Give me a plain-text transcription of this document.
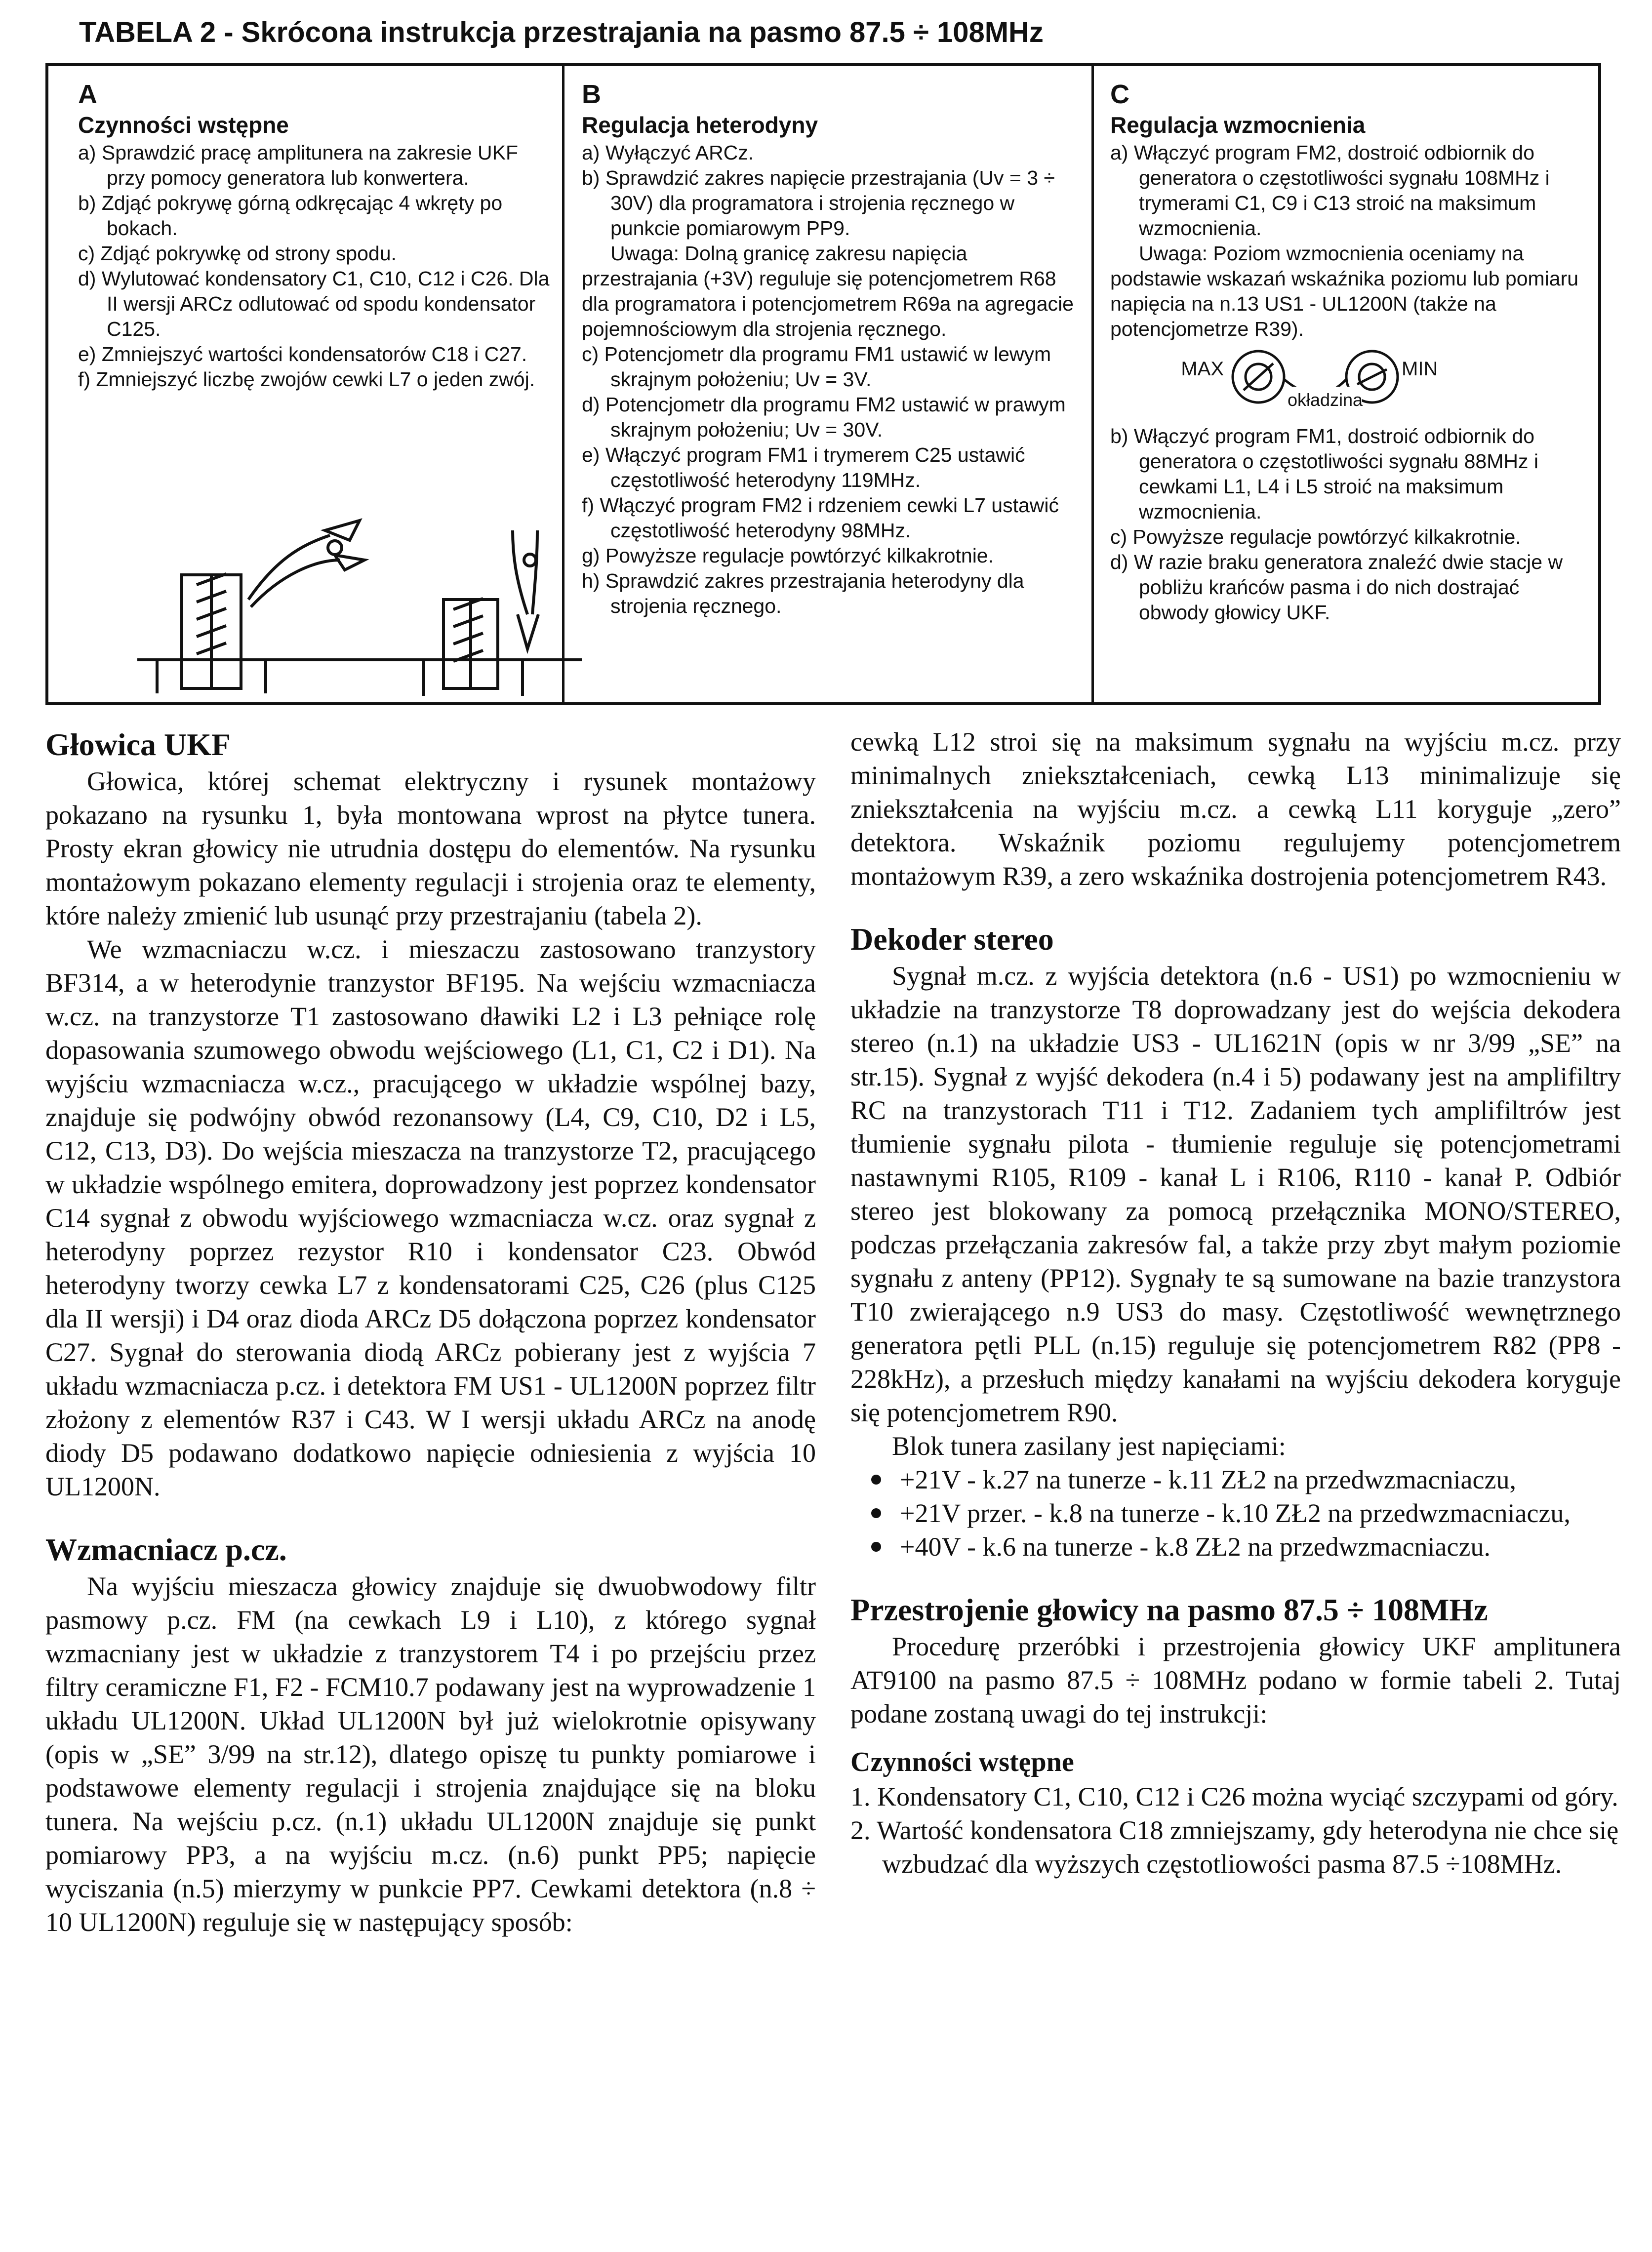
TABELA 2 - Skrócona instrukcja przestrajania na pasmo 87.5 ÷ 108MHz
A
Czynności wstępne
a) Sprawdzić pracę amplitunera na zakresie UKF przy pomocy generatora lub konwertera.
b) Zdjąć pokrywę górną odkręcając 4 wkręty po bokach.
c) Zdjąć pokrywkę od strony spodu.
d) Wylutować kondensatory C1, C10, C12 i C26. Dla II wersji ARCz odlutować od spodu kondensator C125.
e) Zmniejszyć wartości kondensatorów C18 i C27.
f) Zmniejszyć liczbę zwojów cewki L7 o jeden zwój.
B
Regulacja heterodyny
a) Wyłączyć ARCz.
b) Sprawdzić zakres napięcie przestrajania (Uv = 3 ÷ 30V) dla programatora i strojenia ręcznego w punkcie pomiarowym PP9.
Uwaga: Dolną granicę zakresu napięcia przestrajania (+3V) reguluje się potencjometrem R68 dla programatora i potencjometrem R69a na agregacie pojemnościowym dla strojenia ręcznego.
c) Potencjometr dla programu FM1 ustawić w lewym skrajnym położeniu; Uv = 3V.
d) Potencjometr dla programu FM2 ustawić w prawym skrajnym położeniu; Uv = 30V.
e) Włączyć program FM1 i trymerem C25 ustawić częstotliwość heterodyny 119MHz.
f) Włączyć program FM2 i rdzeniem cewki L7 ustawić częstotliwość heterodyny 98MHz.
g) Powyższe regulacje powtórzyć kilkakrotnie.
h) Sprawdzić zakres przestrajania heterodyny dla strojenia ręcznego.
C
Regulacja wzmocnienia
a) Włączyć program FM2, dostroić odbiornik do generatora o częstotliwości sygnału 108MHz i trymerami C1, C9 i C13 stroić na maksimum wzmocnienia.
Uwaga: Poziom wzmocnienia oceniamy na podstawie wskazań wskaźnika poziomu lub pomiaru napięcia na n.13 US1 - UL1200N (także na potencjometrze R39).
MAX	MIN
okładzina
b) Włączyć program FM1, dostroić odbiornik do generatora o częstotliwości sygnału 88MHz i cewkami L1, L4 i L5 stroić na maksimum wzmocnienia.
c) Powyższe regulacje powtórzyć kilkakrotnie.
d) W razie braku generatora znaleźć dwie stacje w pobliżu krańców pasma i do nich dostrajać obwody głowicy UKF.
Głowica UKF

Głowica, której schemat elektryczny i rysunek montażowy pokazano na rysunku 1, była montowana wprost na płytce tunera. Prosty ekran głowicy nie utrudnia dostępu do elementów. Na rysunku montażowym pokazano elementy regulacji i strojenia oraz te elementy, które należy zmienić lub usunąć przy przestrajaniu (tabela 2).

We wzmacniaczu w.cz. i mieszaczu zastosowano tranzystory BF314, a w heterodynie tranzystor BF195. Na wejściu wzmacniacza w.cz. na tranzystorze T1 zastosowano dławiki L2 i L3 pełniące rolę dopasowania szumowego obwodu wejściowego (L1, C1, C2 i D1). Na wyjściu wzmacniacza w.cz., pracującego w układzie wspólnej bazy, znajduje się podwójny obwód rezonansowy (L4, C9, C10, D2 i L5, C12, C13, D3). Do wejścia mieszacza na tranzystorze T2, pracującego w układzie wspólnego emitera, doprowadzony jest poprzez kondensator C14 sygnał z obwodu wyjściowego wzmacniacza w.cz. oraz sygnał z heterodyny poprzez rezystor R10 i kondensator C23. Obwód heterodyny tworzy cewka L7 z kondensatorami C25, C26 (plus C125 dla II wersji) i D4 oraz dioda ARCz D5 dołączona poprzez kondensator C27. Sygnał do sterowania diodą ARCz pobierany jest z wyjścia 7 układu wzmacniacza p.cz. i detektora FM US1 - UL1200N poprzez filtr złożony z elementów R37 i C43. W I wersji układu ARCz na anodę diody D5 podawano dodatkowo napięcie odniesienia z wyjścia 10 UL1200N.

Wzmacniacz p.cz.

Na wyjściu mieszacza głowicy znajduje się dwuobwodowy filtr pasmowy p.cz. FM (na cewkach L9 i L10), z którego sygnał wzmacniany jest w układzie z tranzystorem T4 i po przejściu przez filtry ceramiczne F1, F2 - FCM10.7 podawany jest na wyprowadzenie 1 układu UL1200N. Układ UL1200N był już wielokrotnie opisywany (opis w „SE” 3/99 na str.12), dlatego opiszę tu punkty pomiarowe i podstawowe elementy regulacji i strojenia znajdujące się na bloku tunera. Na wejściu p.cz. (n.1) układu UL1200N znajduje się punkt pomiarowy PP3, a na wyjściu m.cz. (n.6) punkt PP5; napięcie wyciszania (n.5) mierzymy w punkcie PP7. Cewkami detektora (n.8 ÷ 10 UL1200N) reguluje się w następujący sposób:

cewką L12 stroi się na maksimum sygnału na wyjściu m.cz. przy minimalnych zniekształceniach, cewką L13 minimalizuje się zniekształcenia na wyjściu m.cz. a cewką L11 koryguje „zero” detektora. Wskaźnik poziomu regulujemy potencjometrem montażowym R39, a zero wskaźnika dostrojenia potencjometrem R43.

Dekoder stereo

Sygnał m.cz. z wyjścia detektora (n.6 - US1) po wzmocnieniu w układzie na tranzystorze T8 doprowadzany jest do wejścia dekodera stereo (n.1) na układzie US3 - UL1621N (opis w nr 3/99 „SE” na str.15). Sygnał z wyjść dekodera (n.4 i 5) podawany jest na amplifiltry RC na tranzystorach T11 i T12. Zadaniem tych amplifiltrów jest tłumienie sygnału pilota - tłumienie reguluje się potencjometrami nastawnymi R105, R109 - kanał L i R106, R110 - kanał P. Odbiór stereo jest blokowany za pomocą przełącznika MONO/STEREO, podczas przełączania zakresów fal, a także przy zbyt małym poziomie sygnału z anteny (PP12). Sygnały te są sumowane na bazie tranzystora T10 zwierającego n.9 US3 do masy. Częstotliwość wewnętrznego generatora pętli PLL (n.15) reguluje się potencjometrem R82 (PP8 - 228kHz), a przesłuch między kanałami na wyjściu dekodera koryguje się potencjometrem R90.

Blok tunera zasilany jest napięciami:

+21V - k.27 na tunerze - k.11 ZŁ2 na przedwzmacniaczu,
+21V przer. - k.8 na tunerze - k.10 ZŁ2 na przedwzmacniaczu,
+40V - k.6 na tunerze - k.8 ZŁ2 na przedwzmacniaczu.
Przestrojenie głowicy na pasmo 87.5 ÷ 108MHz

Procedurę przeróbki i przestrojenia głowicy UKF amplitunera AT9100 na pasmo 87.5 ÷ 108MHz podano w formie tabeli 2. Tutaj podane zostaną uwagi do tej instrukcji:

Czynności wstępne
1. Kondensatory C1, C10, C12 i C26 można wyciąć szczypami od góry.
2. Wartość kondensatora C18 zmniejszamy, gdy heterodyna nie chce się wzbudzać dla wyższych częstotliowości pasma 87.5 ÷108MHz.
